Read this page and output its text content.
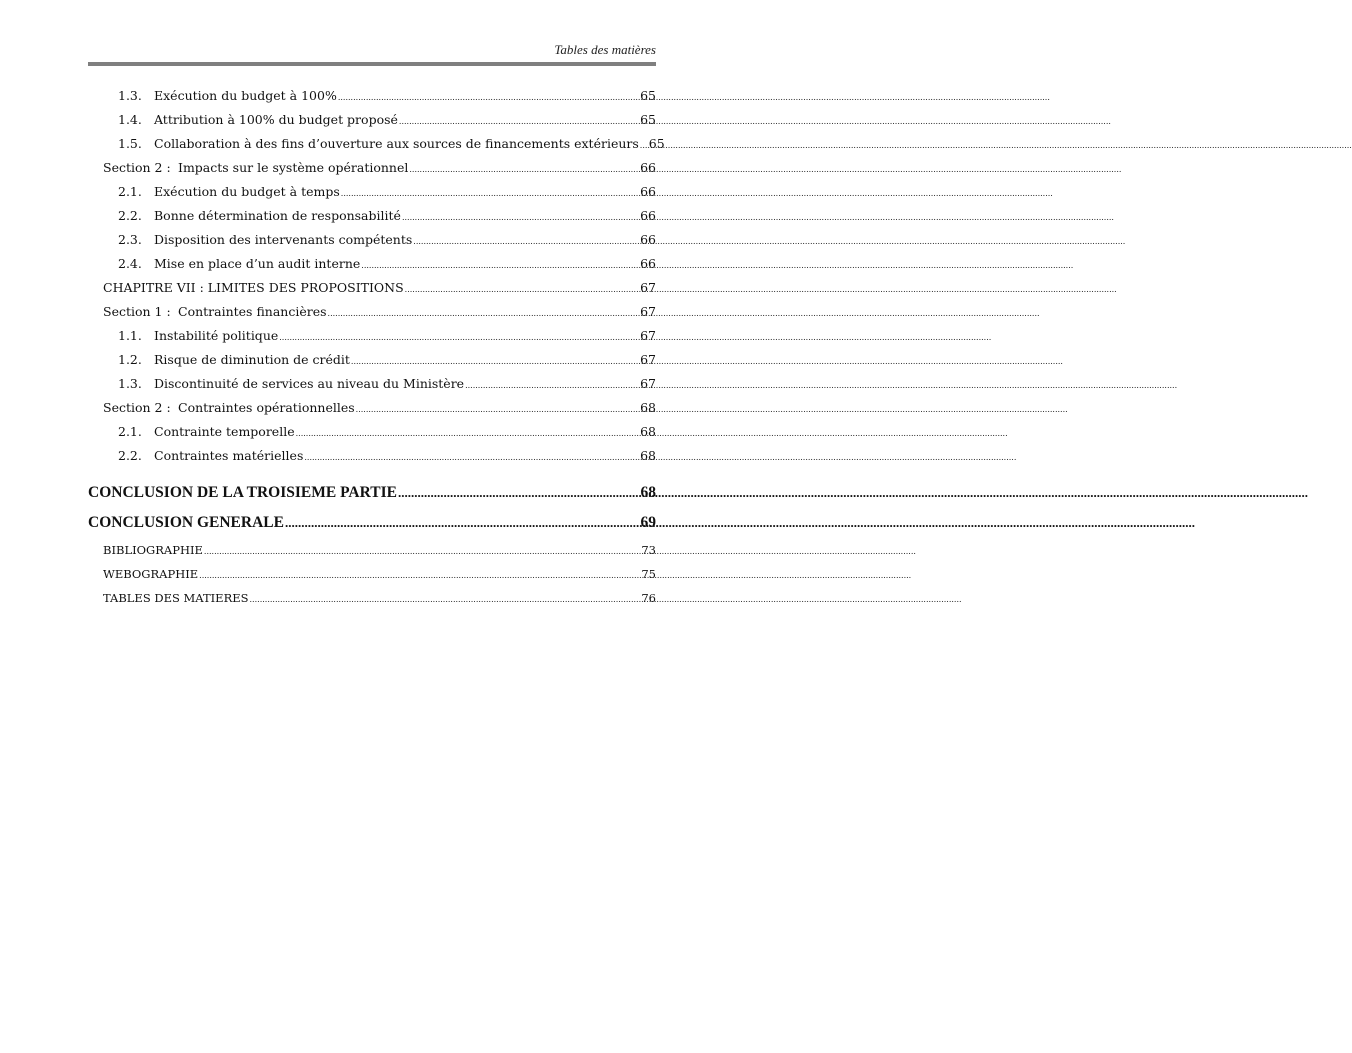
Tables des matières
1.3. Exécution du budget à 100% .....	65
1.4. Attribution à 100% du budget proposé .....	65
1.5. Collaboration à des fins d’ouverture aux sources de financements extérieurs ..... 65
Section 2 : Impacts sur le système opérationnel .....	66
2.1. Exécution du budget à temps .....	66
2.2. Bonne détermination de responsabilité .....	66
2.3. Disposition des intervenants compétents .....	66
2.4. Mise en place d’un audit interne .....	66
CHAPITRE VII : LIMITES DES PROPOSITIONS .....	67
Section 1 : Contraintes financières .....	67
1.1. Instabilité politique .....	67
1.2. Risque de diminution de crédit .....	67
1.3. Discontinuité de services au niveau du Ministère .....	67
Section 2 : Contraintes opérationnelles .....	68
2.1. Contrainte temporelle .....	68
2.2. Contraintes matérielles .....	68
CONCLUSION DE LA TROISIEME PARTIE .....	68
CONCLUSION GENERALE .....	69
BIBLIOGRAPHIE .....	73
WEBOGRAPHIE .....	75
TABLES DES MATIERES .....	76
